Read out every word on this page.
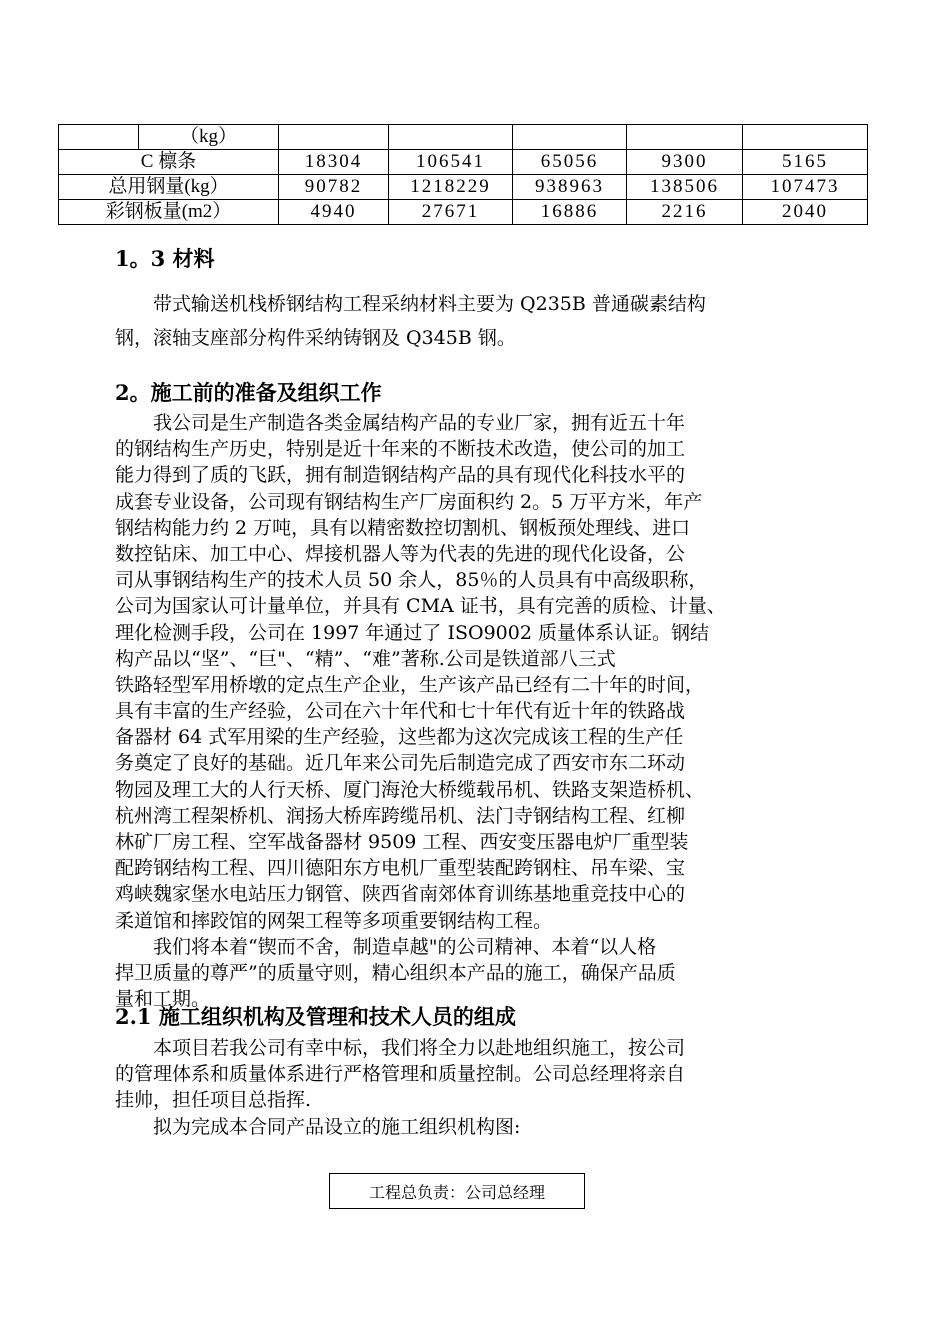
	（kg）					
C 檩条		18304	106541	65056	9300	5165
总用钢量(kg）		90782	1218229	938963	138506	107473
彩钢板量(m2）		4940	27671	16886	2216	2040
1。3 材料
　　带式输送机栈桥钢结构工程采纳材料主要为 Q235B 普通碳素结构
钢，滚轴支座部分构件采纳铸钢及 Q345B 钢。
2。施工前的准备及组织工作
　　我公司是生产制造各类金属结构产品的专业厂家，拥有近五十年
的钢结构生产历史，特别是近十年来的不断技术改造，使公司的加工
能力得到了质的飞跃，拥有制造钢结构产品的具有现代化科技水平的
成套专业设备，公司现有钢结构生产厂房面积约 2。5 万平方米，年产
钢结构能力约 2 万吨，具有以精密数控切割机、钢板预处理线、进口
数控钻床、加工中心、焊接机器人等为代表的先进的现代化设备，公
司从事钢结构生产的技术人员 50 余人，85％的人员具有中高级职称，
公司为国家认可计量单位，并具有 CMA 证书，具有完善的质检、计量、
理化检测手段，公司在 1997 年通过了 ISO9002 质量体系认证。钢结
构产品以“坚”、“巨"、“精”、“难”著称.公司是铁道部八三式
铁路轻型军用桥墩的定点生产企业，生产该产品已经有二十年的时间，
具有丰富的生产经验，公司在六十年代和七十年代有近十年的铁路战
备器材 64 式军用梁的生产经验，这些都为这次完成该工程的生产任
务奠定了良好的基础。近几年来公司先后制造完成了西安市东二环动
物园及理工大的人行天桥、厦门海沧大桥缆载吊机、铁路支架造桥机、
杭州湾工程架桥机、润扬大桥库跨缆吊机、法门寺钢结构工程、红柳
林矿厂房工程、空军战备器材 9509 工程、西安变压器电炉厂重型装
配跨钢结构工程、四川德阳东方电机厂重型装配跨钢柱、吊车梁、宝
鸡峡魏家堡水电站压力钢管、陕西省南郊体育训练基地重竞技中心的
柔道馆和摔跤馆的网架工程等多项重要钢结构工程。
　　我们将本着“锲而不舍，制造卓越"的公司精神、本着“以人格
捍卫质量的尊严”的质量守则，精心组织本产品的施工，确保产品质
量和工期。
2.1 施工组织机构及管理和技术人员的组成
　　本项目若我公司有幸中标，我们将全力以赴地组织施工，按公司
的管理体系和质量体系进行严格管理和质量控制。公司总经理将亲自
挂帅，担任项目总指挥.
　　拟为完成本合同产品设立的施工组织机构图:
工程总负责：公司总经理
